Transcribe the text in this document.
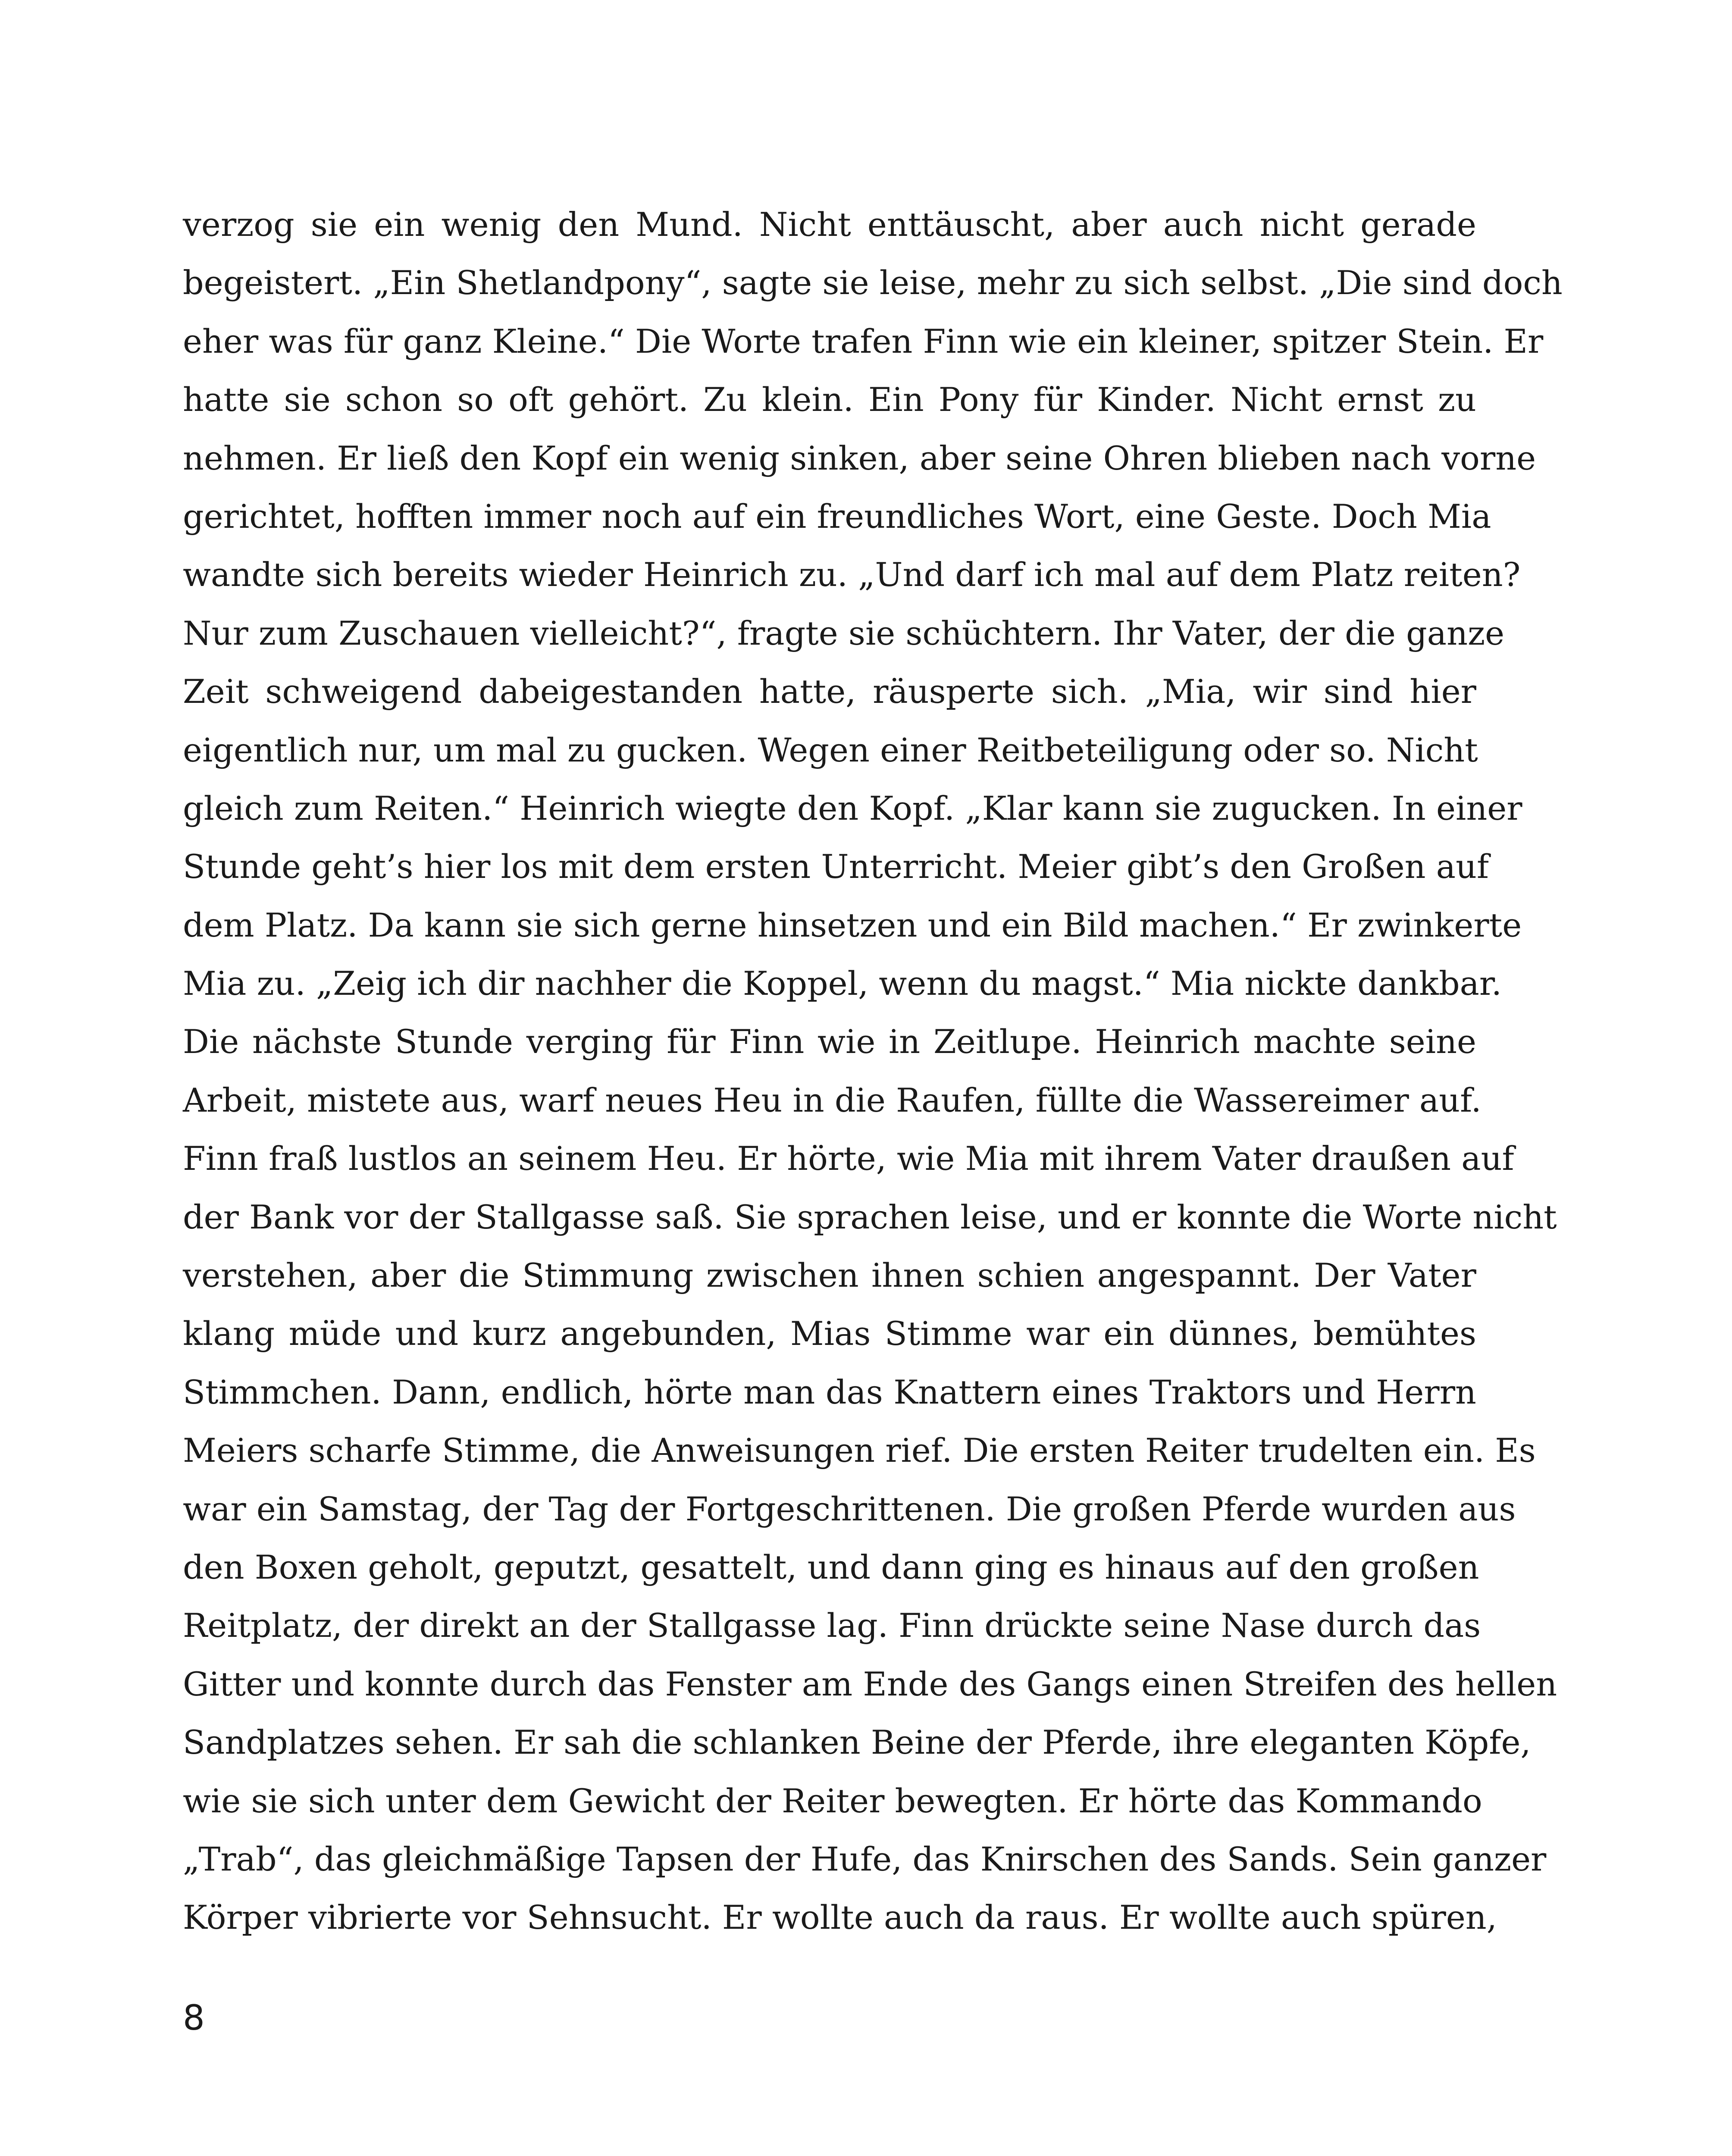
verzog sie ein wenig den Mund. Nicht enttäuscht, aber auch nicht gerade
begeistert. „Ein Shetlandpony“, sagte sie leise, mehr zu sich selbst. „Die sind doch
eher was für ganz Kleine.“ Die Worte trafen Finn wie ein kleiner, spitzer Stein. Er
hatte sie schon so oft gehört. Zu klein. Ein Pony für Kinder. Nicht ernst zu
nehmen. Er ließ den Kopf ein wenig sinken, aber seine Ohren blieben nach vorne
gerichtet, hofften immer noch auf ein freundliches Wort, eine Geste. Doch Mia
wandte sich bereits wieder Heinrich zu. „Und darf ich mal auf dem Platz reiten?
Nur zum Zuschauen vielleicht?“, fragte sie schüchtern. Ihr Vater, der die ganze
Zeit schweigend dabeigestanden hatte, räusperte sich. „Mia, wir sind hier
eigentlich nur, um mal zu gucken. Wegen einer Reitbeteiligung oder so. Nicht
gleich zum Reiten.“ Heinrich wiegte den Kopf. „Klar kann sie zugucken. In einer
Stunde geht’s hier los mit dem ersten Unterricht. Meier gibt’s den Großen auf
dem Platz. Da kann sie sich gerne hinsetzen und ein Bild machen.“ Er zwinkerte
Mia zu. „Zeig ich dir nachher die Koppel, wenn du magst.“ Mia nickte dankbar.
Die nächste Stunde verging für Finn wie in Zeitlupe. Heinrich machte seine
Arbeit, mistete aus, warf neues Heu in die Raufen, füllte die Wassereimer auf.
Finn fraß lustlos an seinem Heu. Er hörte, wie Mia mit ihrem Vater draußen auf
der Bank vor der Stallgasse saß. Sie sprachen leise, und er konnte die Worte nicht
verstehen, aber die Stimmung zwischen ihnen schien angespannt. Der Vater
klang müde und kurz angebunden, Mias Stimme war ein dünnes, bemühtes
Stimmchen. Dann, endlich, hörte man das Knattern eines Traktors und Herrn
Meiers scharfe Stimme, die Anweisungen rief. Die ersten Reiter trudelten ein. Es
war ein Samstag, der Tag der Fortgeschrittenen. Die großen Pferde wurden aus
den Boxen geholt, geputzt, gesattelt, und dann ging es hinaus auf den großen
Reitplatz, der direkt an der Stallgasse lag. Finn drückte seine Nase durch das
Gitter und konnte durch das Fenster am Ende des Gangs einen Streifen des hellen
Sandplatzes sehen. Er sah die schlanken Beine der Pferde, ihre eleganten Köpfe,
wie sie sich unter dem Gewicht der Reiter bewegten. Er hörte das Kommando
„Trab“, das gleichmäßige Tapsen der Hufe, das Knirschen des Sands. Sein ganzer
Körper vibrierte vor Sehnsucht. Er wollte auch da raus. Er wollte auch spüren,
8
